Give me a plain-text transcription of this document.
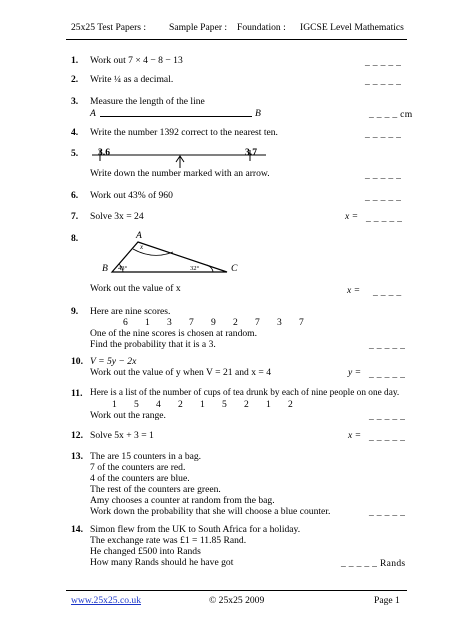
25x25 Test Papers : Sample Paper : Foundation : IGCSE Level Mathematics
1. Work out 7 × 4 − 8 − 13	_ _ _ _ _
2. Write ¼ as a decimal.	_ _ _ _ _
3. Measure the length of the line
A	B	_ _ _ _ cm
4. Write the number 1392 correct to the nearest ten.	_ _ _ _ _
5. 3.6	3.7
Write down the number marked with an arrow.	_ _ _ _ _
6. Work out 43% of 960	_ _ _ _ _
7. Solve 3x = 24	x = _ _ _ _ _
8.	A
B	C
x
43°	32°
Work out the value of x	x = _ _ _ _
9. Here are nine scores.
6 1 3 7 9 2 7 3 7
One of the nine scores is chosen at random.
Find the probability that it is a 3.	_ _ _ _ _
10. V = 5y − 2x
Work out the value of y when V = 21 and x = 4	y = _ _ _ _ _
11. Here is a list of the number of cups of tea drunk by each of nine people on one day.
1 5 4 2 1 5 2 1 2
Work out the range.	_ _ _ _ _
12. Solve 5x + 3 = 1	x = _ _ _ _ _
13. The are 15 counters in a bag.
7 of the counters are red.
4 of the counters are blue.
The rest of the counters are green.
Amy chooses a counter at random from the bag.
Work down the probability that she will choose a blue counter.	_ _ _ _ _
14. Simon flew from the UK to South Africa for a holiday.
The exchange rate was £1 = 11.85 Rand.
He changed £500 into Rands
How many Rands should he have got	_ _ _ _ _ Rands
www.25x25.co.uk	© 25x25 2009	Page 1
